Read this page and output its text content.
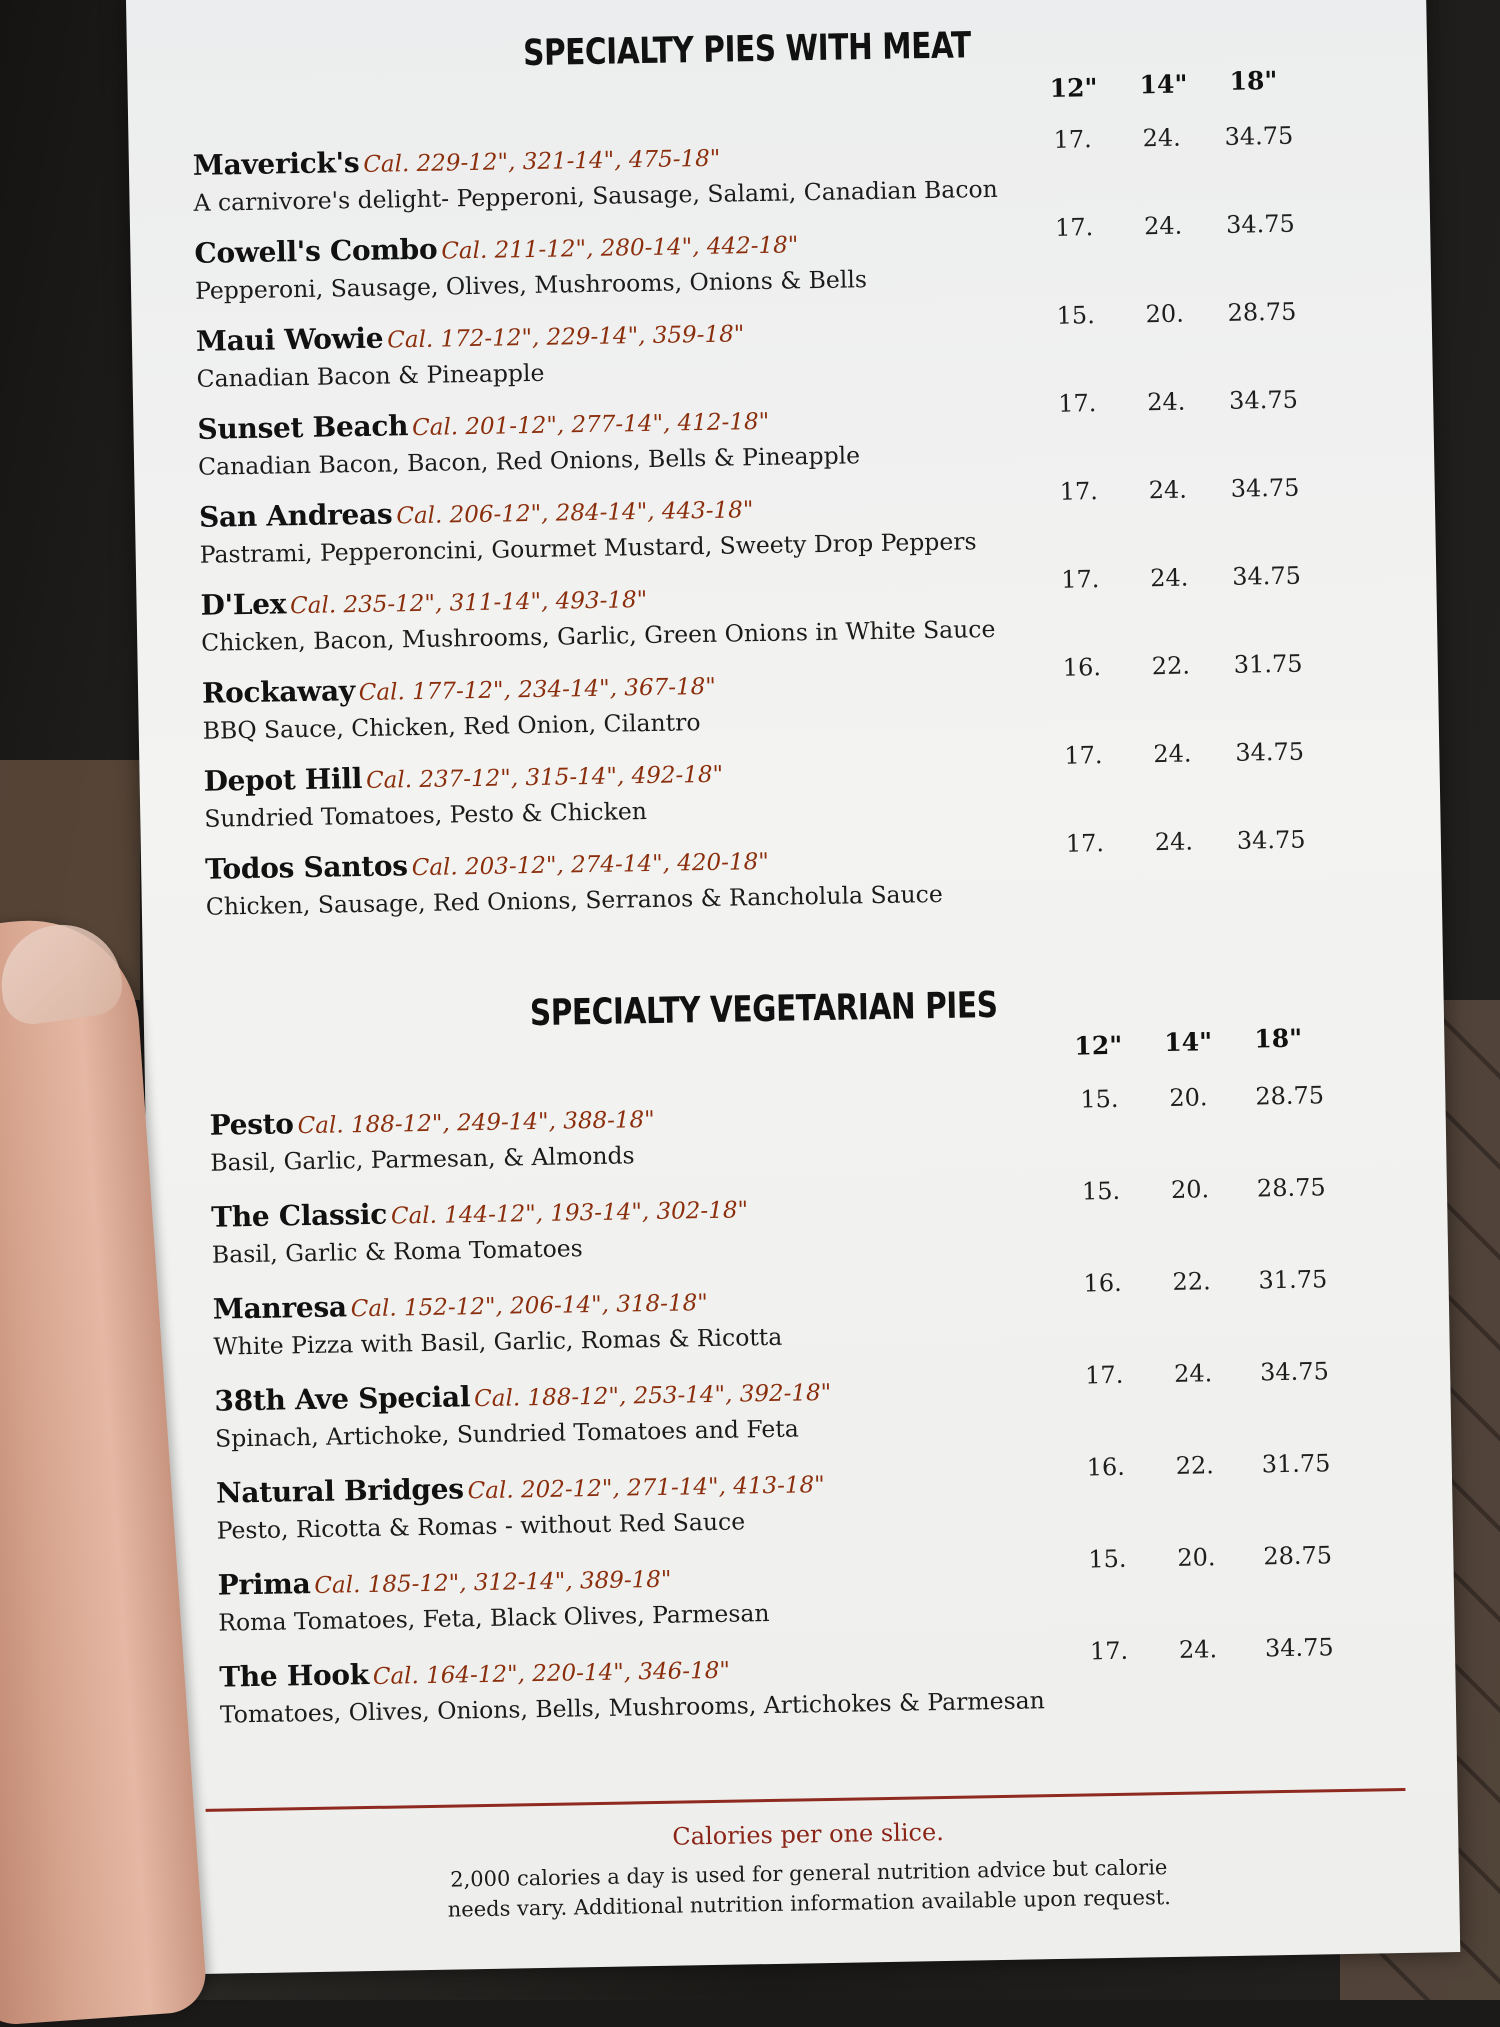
SPECIALTY PIES WITH MEAT
12" 14" 18"
Maverick's Cal. 229-12", 321-14", 475-18"
A carnivore's delight- Pepperoni, Sausage, Salami, Canadian Bacon
17. 24. 34.75
Cowell's Combo Cal. 211-12", 280-14", 442-18"
Pepperoni, Sausage, Olives, Mushrooms, Onions & Bells
17. 24. 34.75
Maui Wowie Cal. 172-12", 229-14", 359-18"
Canadian Bacon & Pineapple
15. 20. 28.75
Sunset Beach Cal. 201-12", 277-14", 412-18"
Canadian Bacon, Bacon, Red Onions, Bells & Pineapple
17. 24. 34.75
San Andreas Cal. 206-12", 284-14", 443-18"
Pastrami, Pepperoncini, Gourmet Mustard, Sweety Drop Peppers
17. 24. 34.75
D'Lex Cal. 235-12", 311-14", 493-18"
Chicken, Bacon, Mushrooms, Garlic, Green Onions in White Sauce
17. 24. 34.75
Rockaway Cal. 177-12", 234-14", 367-18"
BBQ Sauce, Chicken, Red Onion, Cilantro
16. 22. 31.75
Depot Hill Cal. 237-12", 315-14", 492-18"
Sundried Tomatoes, Pesto & Chicken
17. 24. 34.75
Todos Santos Cal. 203-12", 274-14", 420-18"
Chicken, Sausage, Red Onions, Serranos & Rancholula Sauce
17. 24. 34.75
SPECIALTY VEGETARIAN PIES
12" 14" 18"
Pesto Cal. 188-12", 249-14", 388-18"
Basil, Garlic, Parmesan, & Almonds
15. 20. 28.75
The Classic Cal. 144-12", 193-14", 302-18"
Basil, Garlic & Roma Tomatoes
15. 20. 28.75
Manresa Cal. 152-12", 206-14", 318-18"
White Pizza with Basil, Garlic, Romas & Ricotta
16. 22. 31.75
38th Ave Special Cal. 188-12", 253-14", 392-18"
Spinach, Artichoke, Sundried Tomatoes and Feta
17. 24. 34.75
Natural Bridges Cal. 202-12", 271-14", 413-18"
Pesto, Ricotta & Romas - without Red Sauce
16. 22. 31.75
Prima Cal. 185-12", 312-14", 389-18"
Roma Tomatoes, Feta, Black Olives, Parmesan
15. 20. 28.75
The Hook Cal. 164-12", 220-14", 346-18"
Tomatoes, Olives, Onions, Bells, Mushrooms, Artichokes & Parmesan
17. 24. 34.75
Calories per one slice.
2,000 calories a day is used for general nutrition advice but calorie
needs vary. Additional nutrition information available upon request.
